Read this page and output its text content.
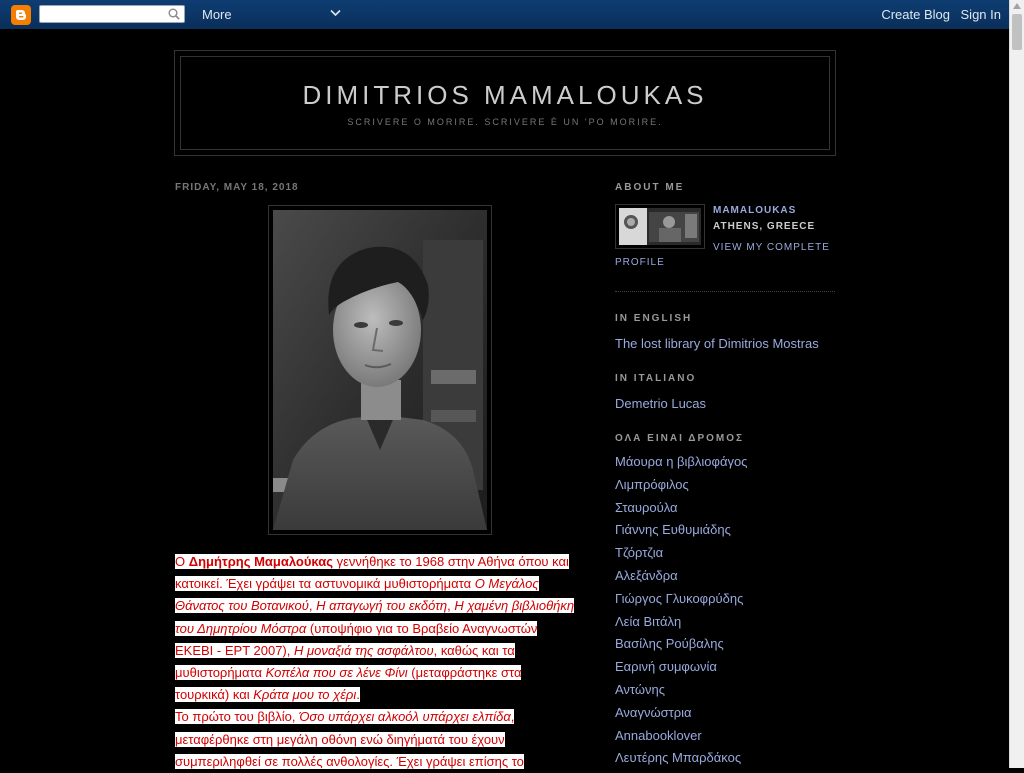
More	Create Blog Sign In
DIMITRIOS MAMALOUKAS
SCRIVERE O MORIRE. SCRIVERE È UN 'PO MORIRE.
FRIDAY, MAY 18, 2018
Ο Δημήτρης Μαμαλούκας γεννήθηκε το 1968 στην Αθήνα όπου και κατοικεί. Έχει γράψει τα αστυνομικά μυθιστορήματα Ο Μεγάλος Θάνατος του Βοτανικού, Η απαγωγή του εκδότη, Η χαμένη βιβλιοθήκη του Δημητρίου Μόστρα (υποψήφιο για το Βραβείο Αναγνωστών ΕΚΕΒΙ - ΕΡΤ 2007), Η μοναξιά της ασφάλτου, καθώς και τα μυθιστορήματα Κοπέλα που σε λένε Φίνι (μεταφράστηκε στα τουρκικά) και Κράτα μου το χέρι.
Το πρώτο του βιβλίο, Όσο υπάρχει αλκοόλ υπάρχει ελπίδα, μεταφέρθηκε στη μεγάλη οθόνη ενώ διηγήματά του έχουν συμπεριληφθεί σε πολλές ανθολογίες. Έχει γράψει επίσης το
ABOUT ME
MAMALOUKAS
ATHENS, GREECE
VIEW MY COMPLETE PROFILE
IN ENGLISH
The lost library of Dimitrios Mostras
IN ITALIANO
Demetrio Lucas
ΟΛΑ ΕΙΝΑΙ ΔΡΟΜΟΣ
Μάουρα η βιβλιοφάγος
Λιμπρόφιλος
Σταυρούλα
Γιάννης Ευθυμιάδης
Τζόρτζια
Αλεξάνδρα
Γιώργος Γλυκοφρύδης
Λεία Βιτάλη
Βασίλης Ρούβαλης
Εαρινή συμφωνία
Αντώνης
Αναγνώστρια
Annabooklover
Λευτέρης Μπαρδάκος
